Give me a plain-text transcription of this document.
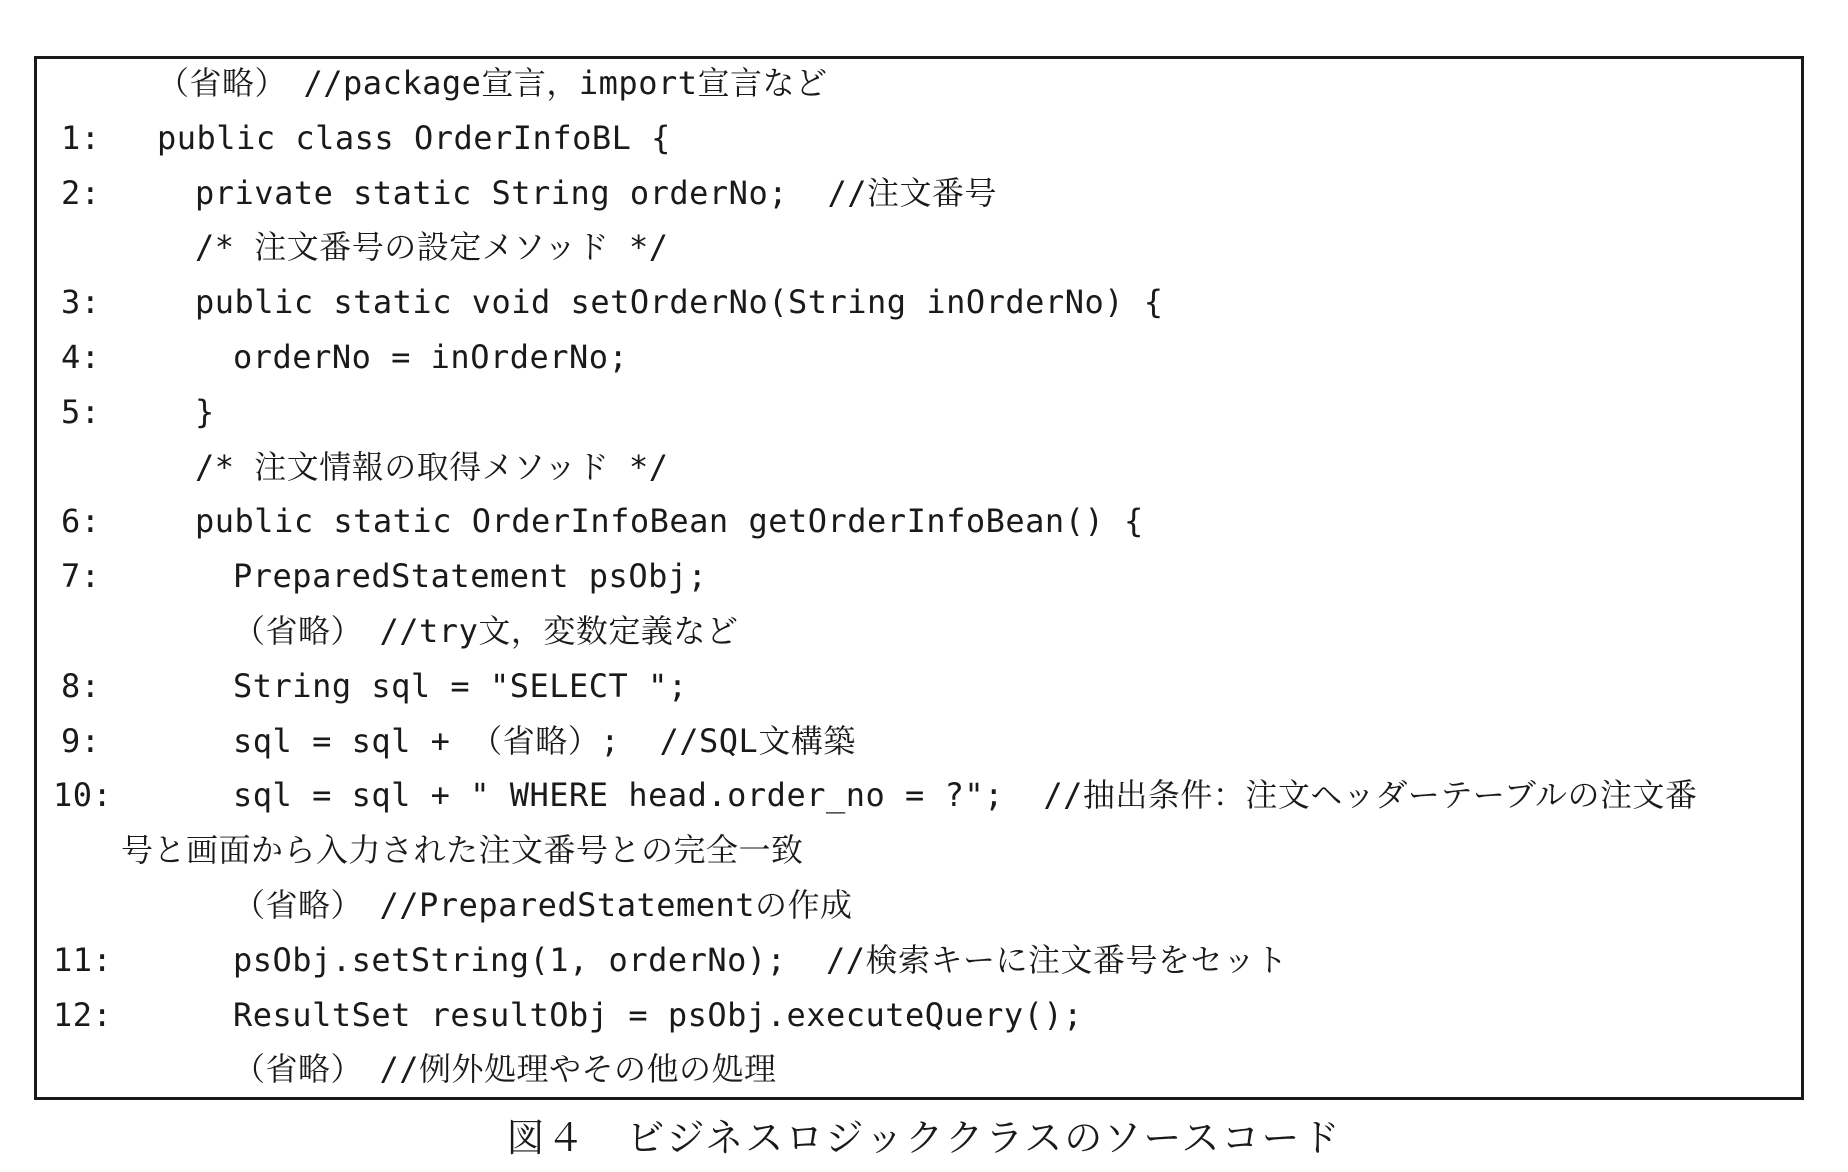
（省略）　//package宣言，import宣言など
1:	public class OrderInfoBL {
2:	private static String orderNo;  //注文番号
/* 注文番号の設定メソッド */
3:	public static void setOrderNo(String inOrderNo) {
4:	orderNo = inOrderNo;
5:	}
/* 注文情報の取得メソッド */
6:	public static OrderInfoBean getOrderInfoBean() {
7:	PreparedStatement psObj;
（省略）　//try文，変数定義など
8:	String sql = "SELECT ";
9:	sql = sql + （省略）;  //SQL文構築
10:	sql = sql + " WHERE head.order_no = ?";  //抽出条件：注文ヘッダーテーブルの注文番
号と画面から入力された注文番号との完全一致
（省略）　//PreparedStatementの作成
11:	psObj.setString(1, orderNo);  //検索キーに注文番号をセット
12:	ResultSet resultObj = psObj.executeQuery();
（省略）　//例外処理やその他の処理
図４　ビジネスロジッククラスのソースコード
